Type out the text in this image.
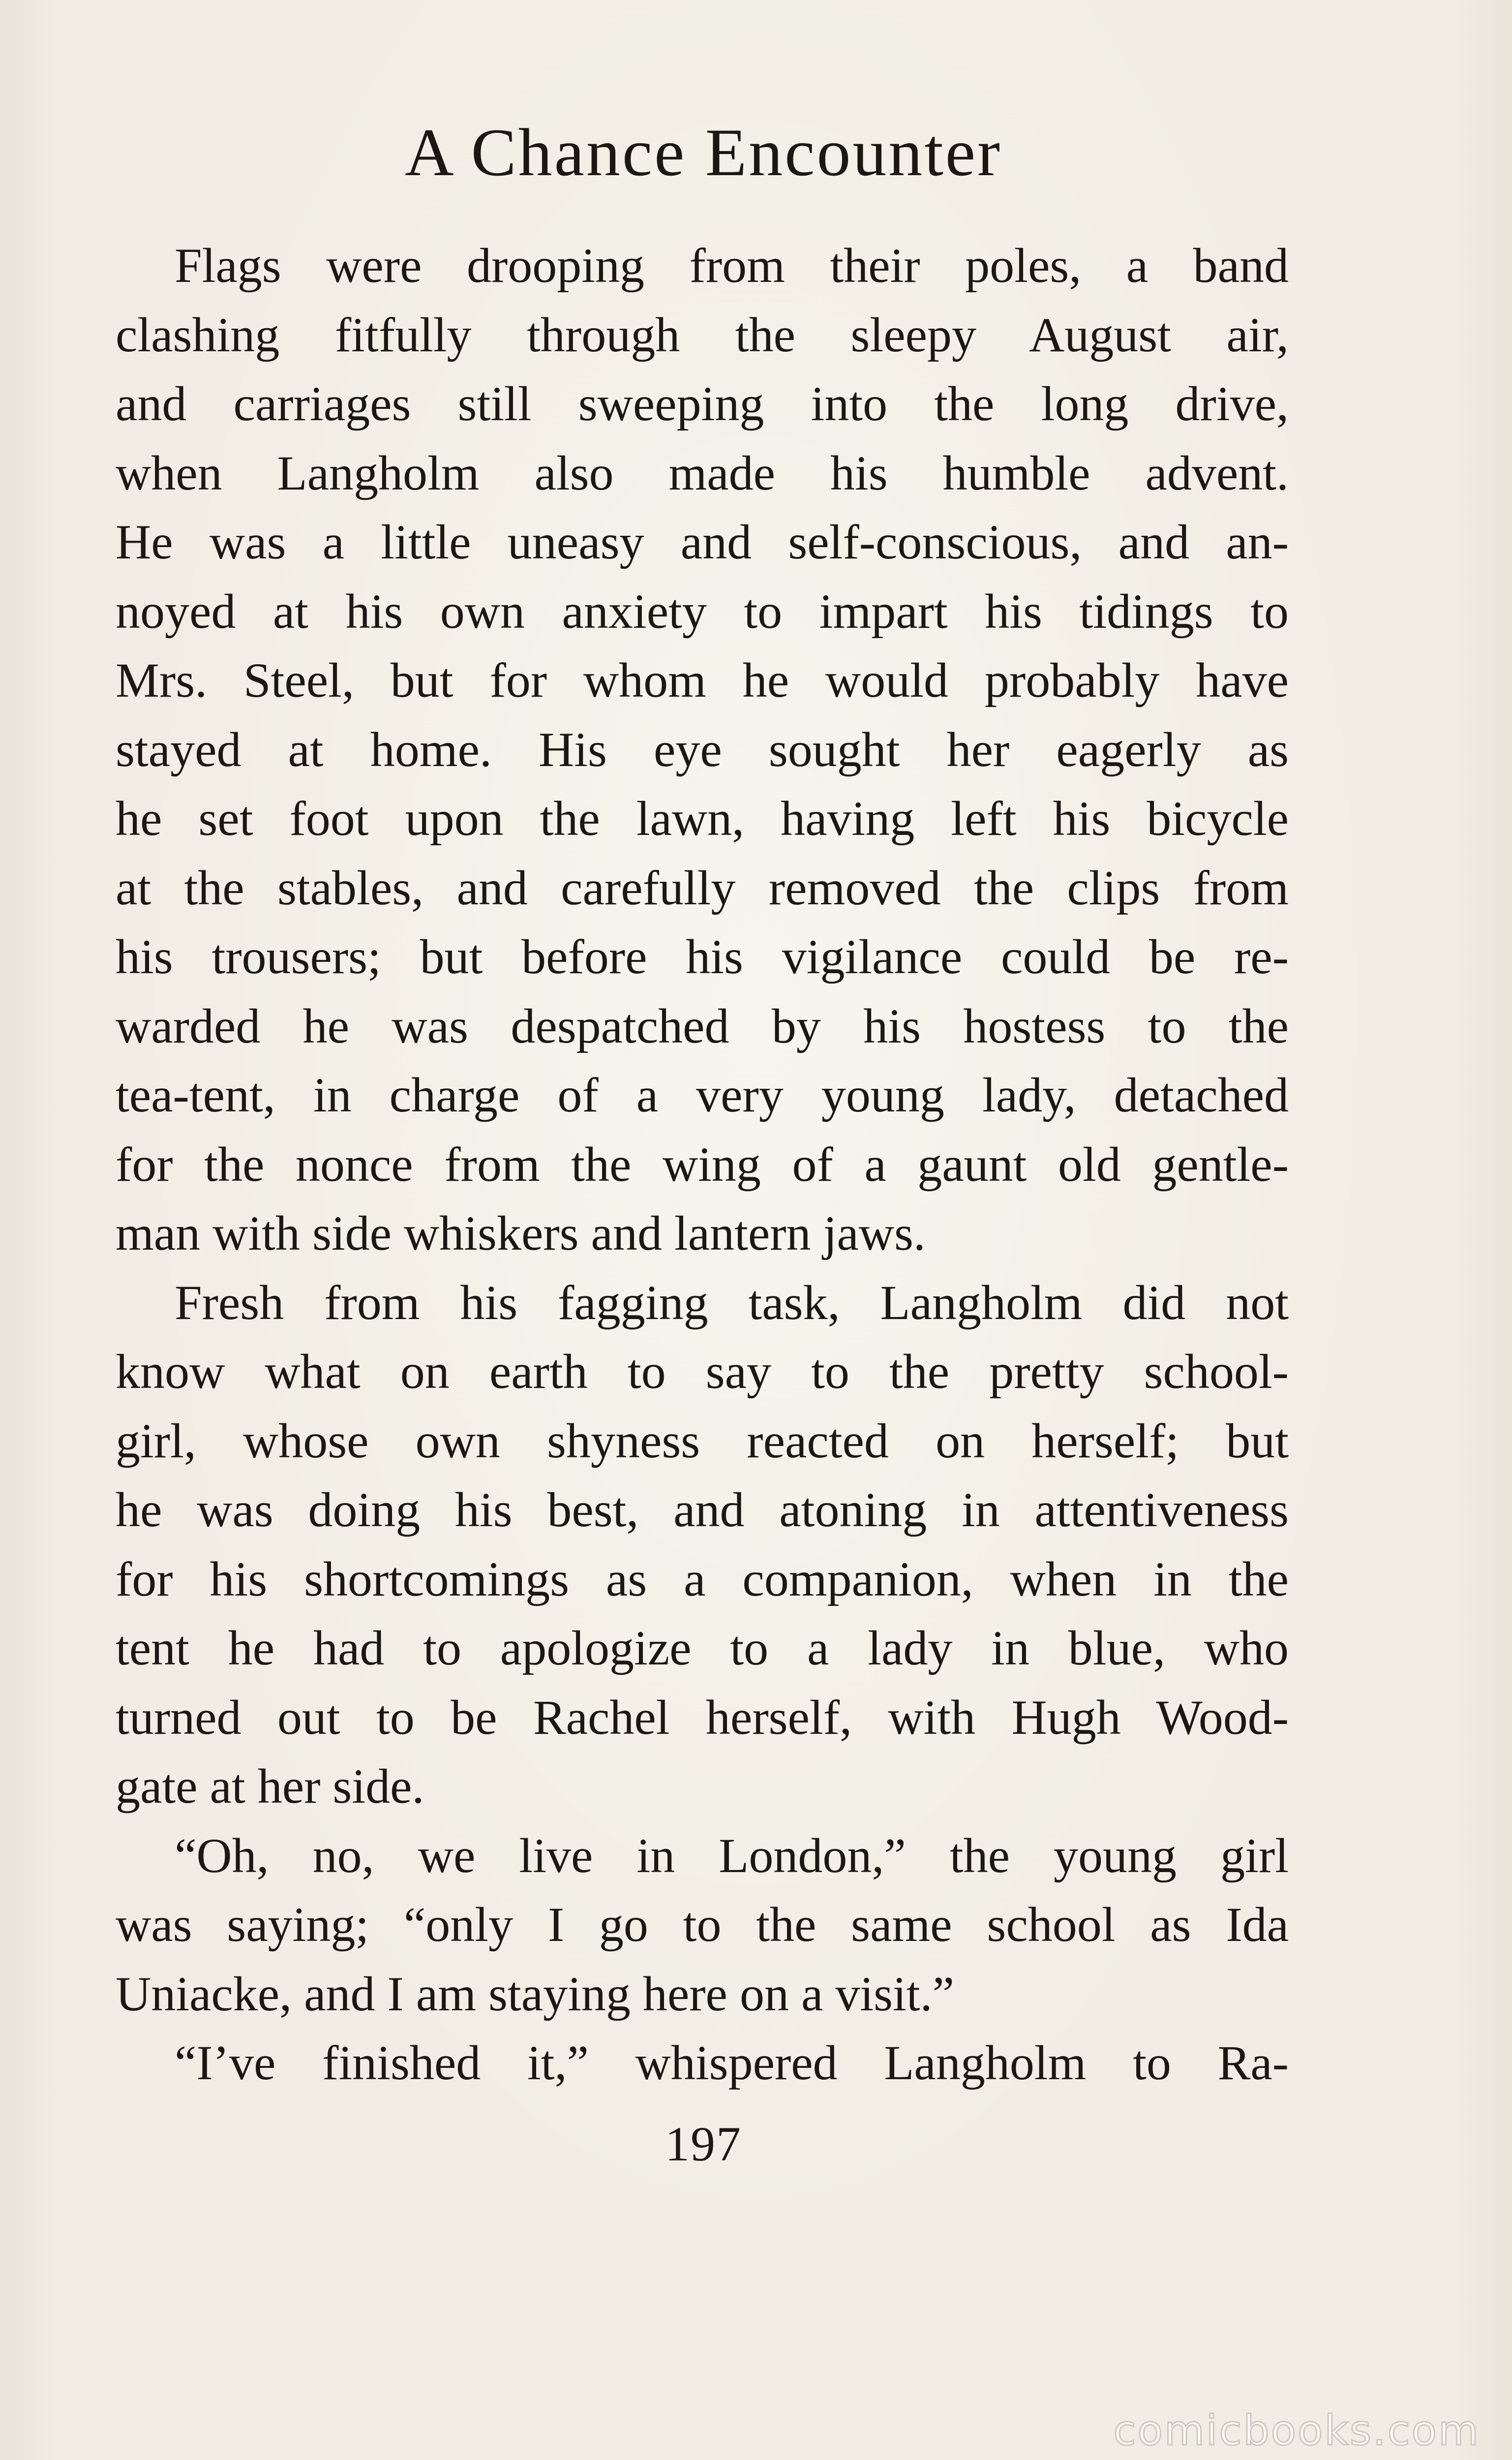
A Chance Encounter
Flags were drooping from their poles, a band
clashing fitfully through the sleepy August air,
and carriages still sweeping into the long drive,
when Langholm also made his humble advent.
He was a little uneasy and self-conscious, and an-
noyed at his own anxiety to impart his tidings to
Mrs. Steel, but for whom he would probably have
stayed at home. His eye sought her eagerly as
he set foot upon the lawn, having left his bicycle
at the stables, and carefully removed the clips from
his trousers; but before his vigilance could be re-
warded he was despatched by his hostess to the
tea-tent, in charge of a very young lady, detached
for the nonce from the wing of a gaunt old gentle-
man with side whiskers and lantern jaws.
Fresh from his fagging task, Langholm did not
know what on earth to say to the pretty school-
girl, whose own shyness reacted on herself; but
he was doing his best, and atoning in attentiveness
for his shortcomings as a companion, when in the
tent he had to apologize to a lady in blue, who
turned out to be Rachel herself, with Hugh Wood-
gate at her side.
“Oh, no, we live in London,” the young girl
was saying; “only I go to the same school as Ida
Uniacke, and I am staying here on a visit.”
“I’ve finished it,” whispered Langholm to Ra-
197
comicbooks.com
